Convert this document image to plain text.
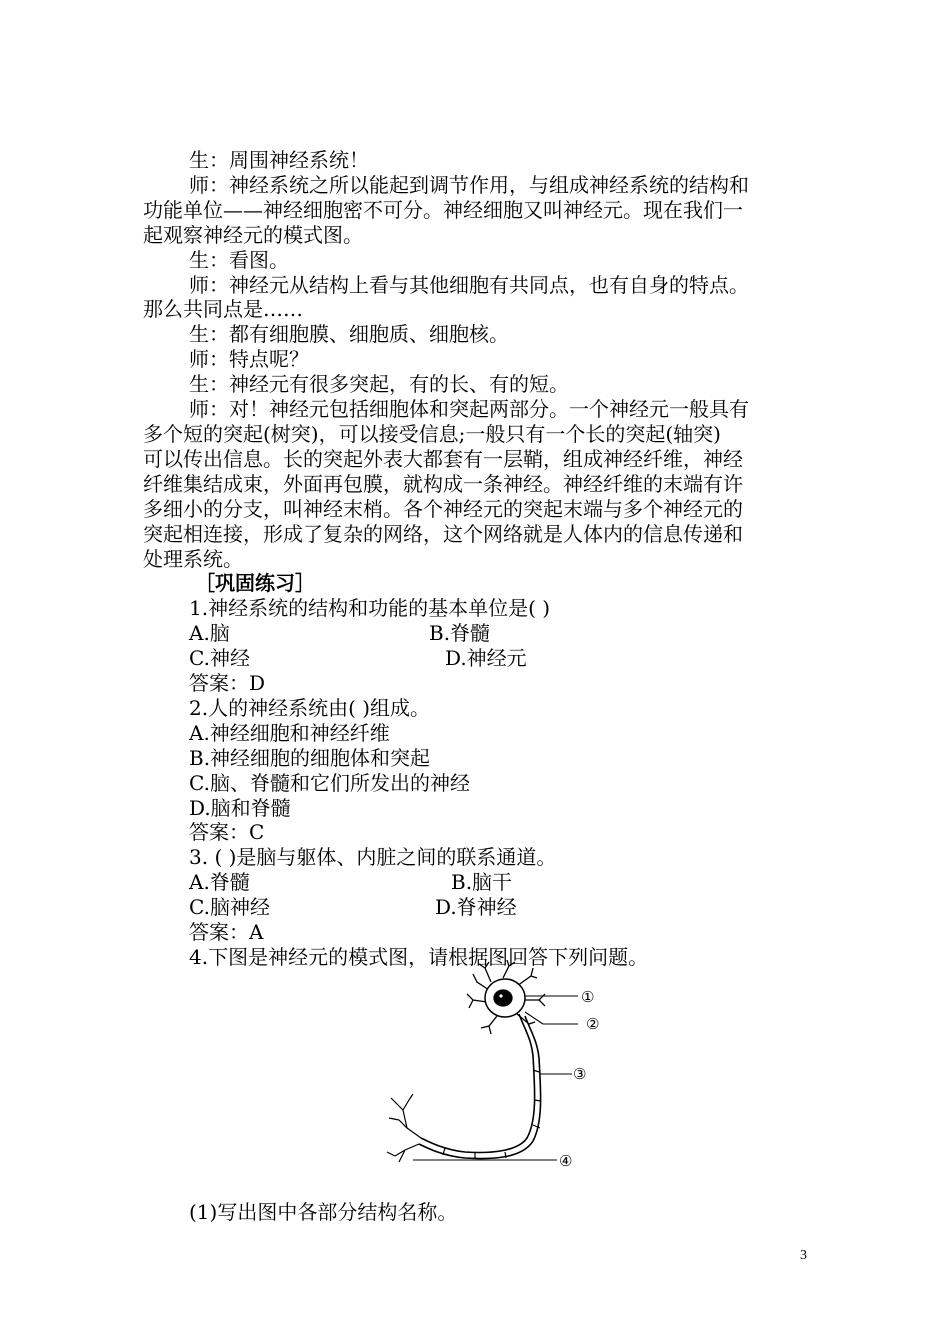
生：周围神经系统！

师：神经系统之所以能起到调节作用，与组成神经系统的结构和

功能单位——神经细胞密不可分。神经细胞又叫神经元。现在我们一

起观察神经元的模式图。

生：看图。

师：神经元从结构上看与其他细胞有共同点，也有自身的特点。

那么共同点是……

生：都有细胞膜、细胞质、细胞核。

师：特点呢？

生：神经元有很多突起，有的长、有的短。

师：对！神经元包括细胞体和突起两部分。一个神经元一般具有

多个短的突起(树突)，可以接受信息;一般只有一个长的突起(轴突)

可以传出信息。长的突起外表大都套有一层鞘，组成神经纤维，神经

纤维集结成束，外面再包膜，就构成一条神经。神经纤维的末端有许

多细小的分支，叫神经末梢。各个神经元的突起末端与多个神经元的

突起相连接，形成了复杂的网络，这个网络就是人体内的信息传递和

处理系统。

［巩固练习］

1.神经系统的结构和功能的基本单位是( )

A.脑	B.脊髓
C.神经	D.神经元

答案：D

2.人的神经系统由( )组成。

A.神经细胞和神经纤维

B.神经细胞的细胞体和突起

C.脑、脊髓和它们所发出的神经

D.脑和脊髓

答案：C

3. ( )是脑与躯体、内脏之间的联系通道。

A.脊髓	B.脑干
C.脑神经	D.脊神经

答案：A

4.下图是神经元的模式图，请根据图回答下列问题。

①
②
③
④

(1)写出图中各部分结构名称。

3
